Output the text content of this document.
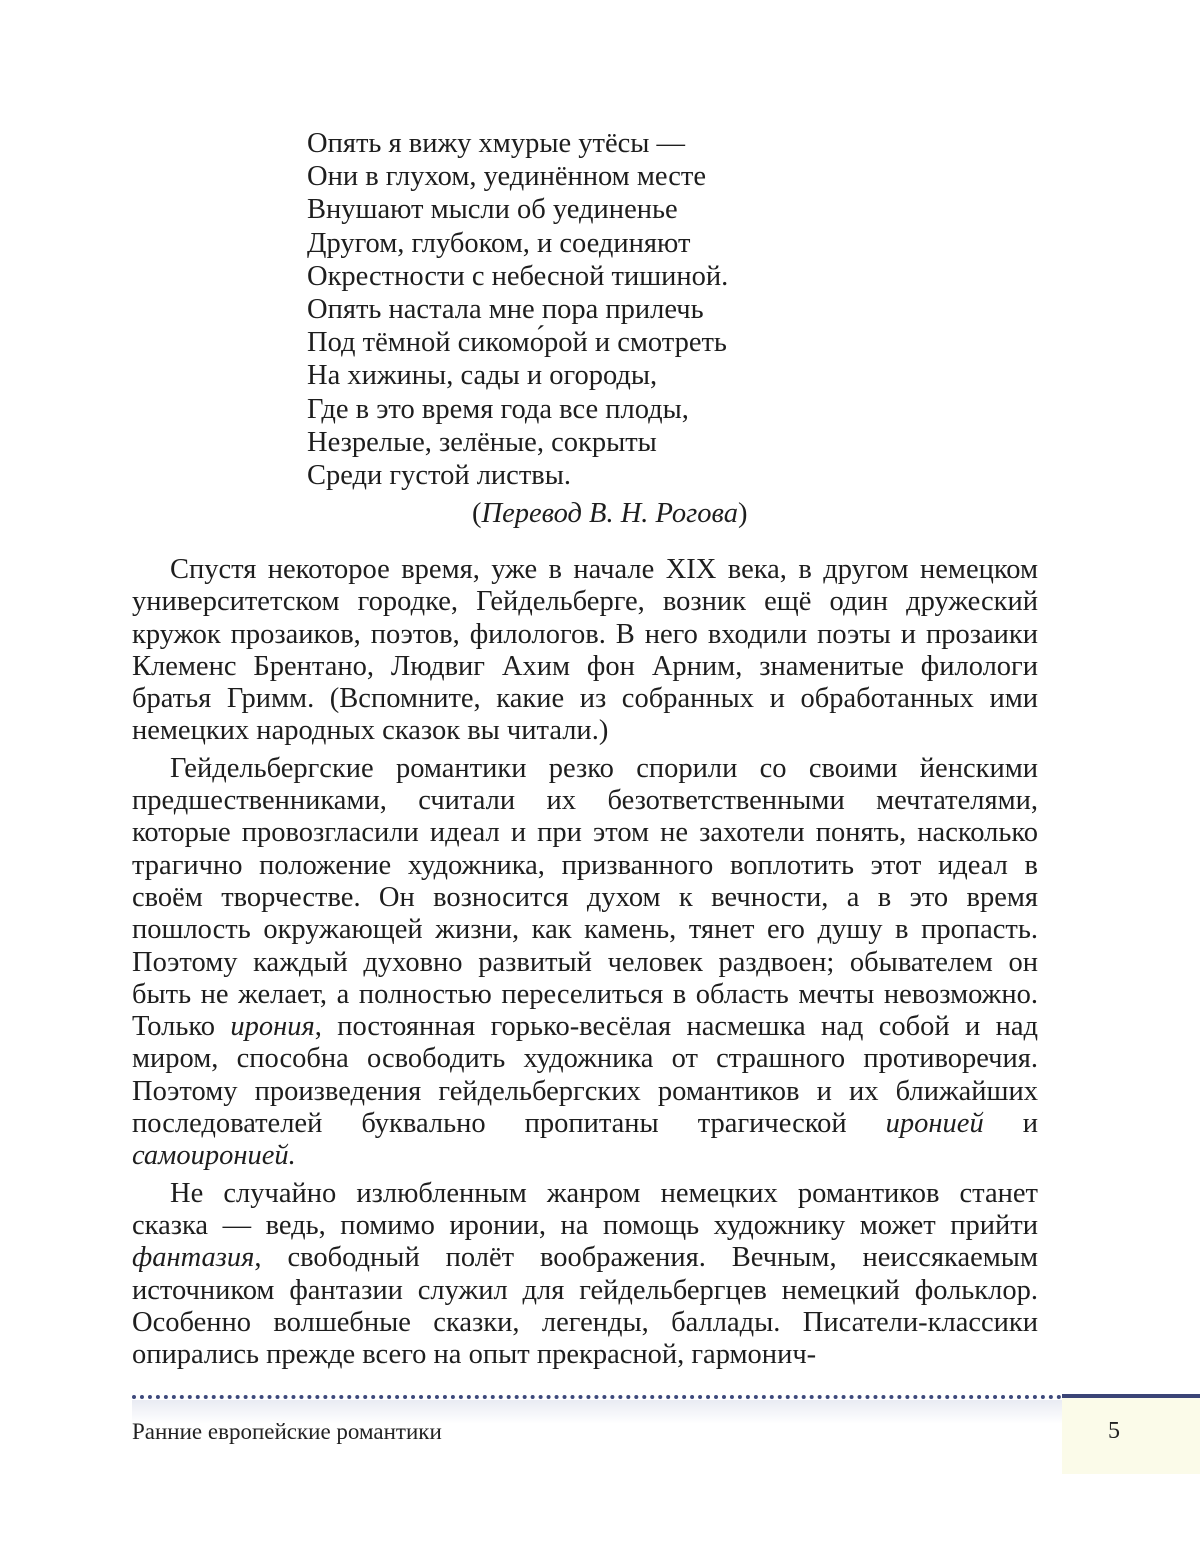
Опять я вижу хмурые утёсы —
Они в глухом, уединённом месте
Внушают мысли об уединенье
Другом, глубоком, и соединяют
Окрестности с небесной тишиной.
Опять настала мне пора прилечь
Под тёмной сикомо́рой и смотреть
На хижины, сады и огороды,
Где в это время года все плоды,
Незрелые, зелёные, сокрыты
Среди густой листвы.
(Перевод В. Н. Рогова)

Спустя некоторое время, уже в начале XIX века, в другом немецком университетском городке, Гейдельберге, возник ещё один дружеский кружок прозаиков, поэтов, филологов. В него входили поэты и прозаики Клеменс Брентано, Людвиг Ахим фон Арним, знаменитые филологи братья Гримм. (Вспомните, какие из собранных и обработанных ими немецких народных сказок вы читали.)

Гейдельбергские романтики резко спорили со своими йенскими предшественниками, считали их безответственными мечтателями, которые провозгласили идеал и при этом не захотели понять, насколько трагично положение художника, призванного воплотить этот идеал в своём творчестве. Он возносится духом к вечности, а в это время пошлость окружающей жизни, как камень, тянет его душу в пропасть. Поэтому каждый духовно развитый человек раздвоен; обывателем он быть не желает, а полностью переселиться в область мечты невозможно. Только ирония, постоянная горько-весёлая насмешка над собой и над миром, способна освободить художника от страшного противоречия. Поэтому произведения гейдельбергских романтиков и их ближайших последователей буквально пропитаны трагической иронией и самоиронией.

Не случайно излюбленным жанром немецких романтиков станет сказка — ведь, помимо иронии, на помощь художнику может прийти фантазия, свободный полёт воображения. Вечным, неиссякаемым источником фантазии служил для гейдельбергцев немецкий фольклор. Особенно волшебные сказки, легенды, баллады. Писатели-классики опирались прежде всего на опыт прекрасной, гармонич-

Ранние европейские романтики	5
